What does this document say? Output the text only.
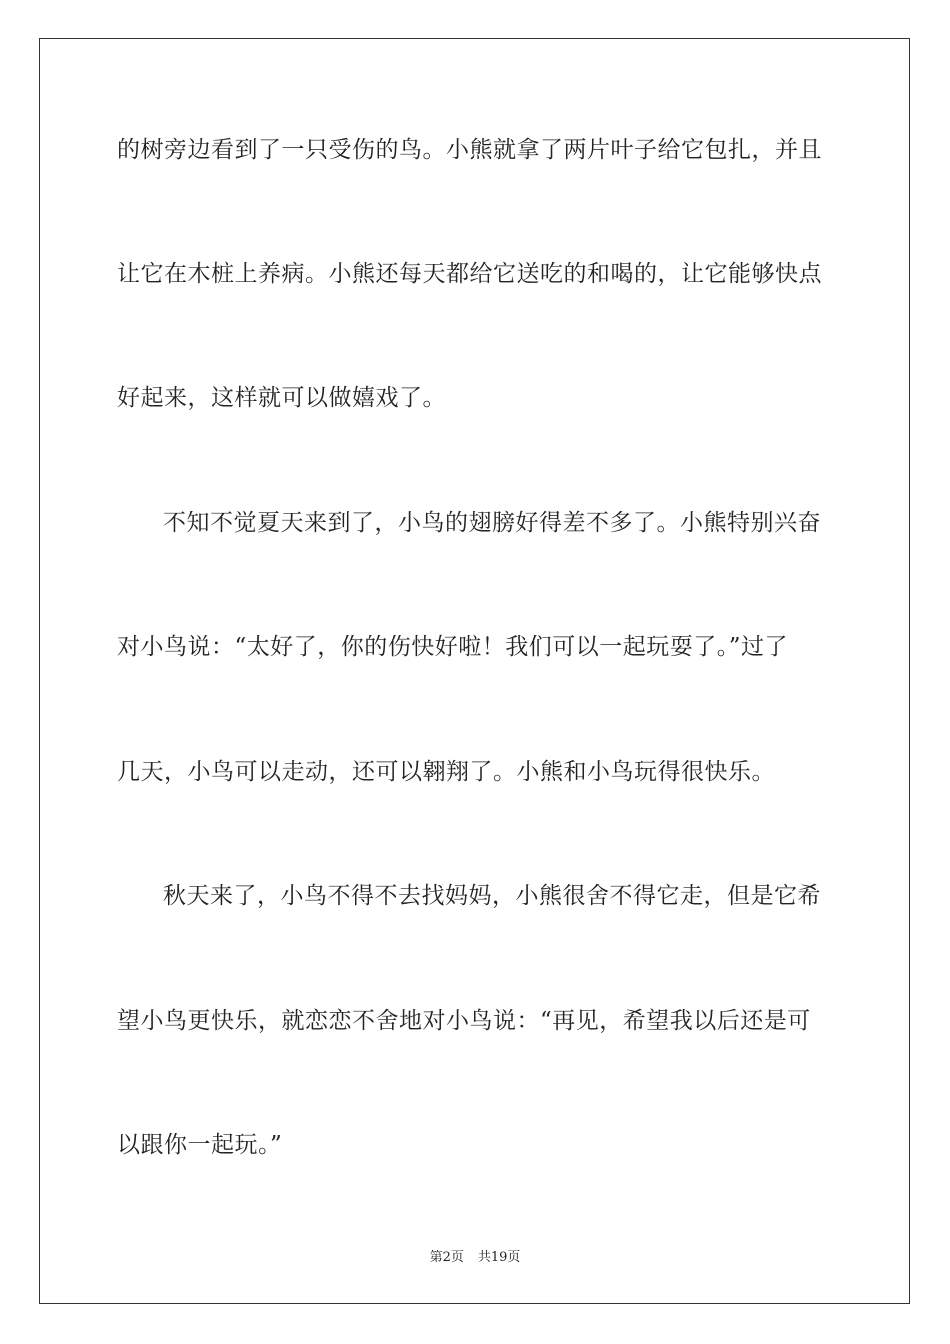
的树旁边看到了一只受伤的鸟。小熊就拿了两片叶子给它包扎，并且
让它在木桩上养病。小熊还每天都给它送吃的和喝的，让它能够快点
好起来，这样就可以做嬉戏了。
不知不觉夏天来到了，小鸟的翅膀好得差不多了。小熊特别兴奋
对小鸟说：“太好了，你的伤快好啦！我们可以一起玩耍了。”过了
几天，小鸟可以走动，还可以翱翔了。小熊和小鸟玩得很快乐。
秋天来了，小鸟不得不去找妈妈，小熊很舍不得它走，但是它希
望小鸟更快乐，就恋恋不舍地对小鸟说：“再见，希望我以后还是可
以跟你一起玩。”
第2页 共19页
